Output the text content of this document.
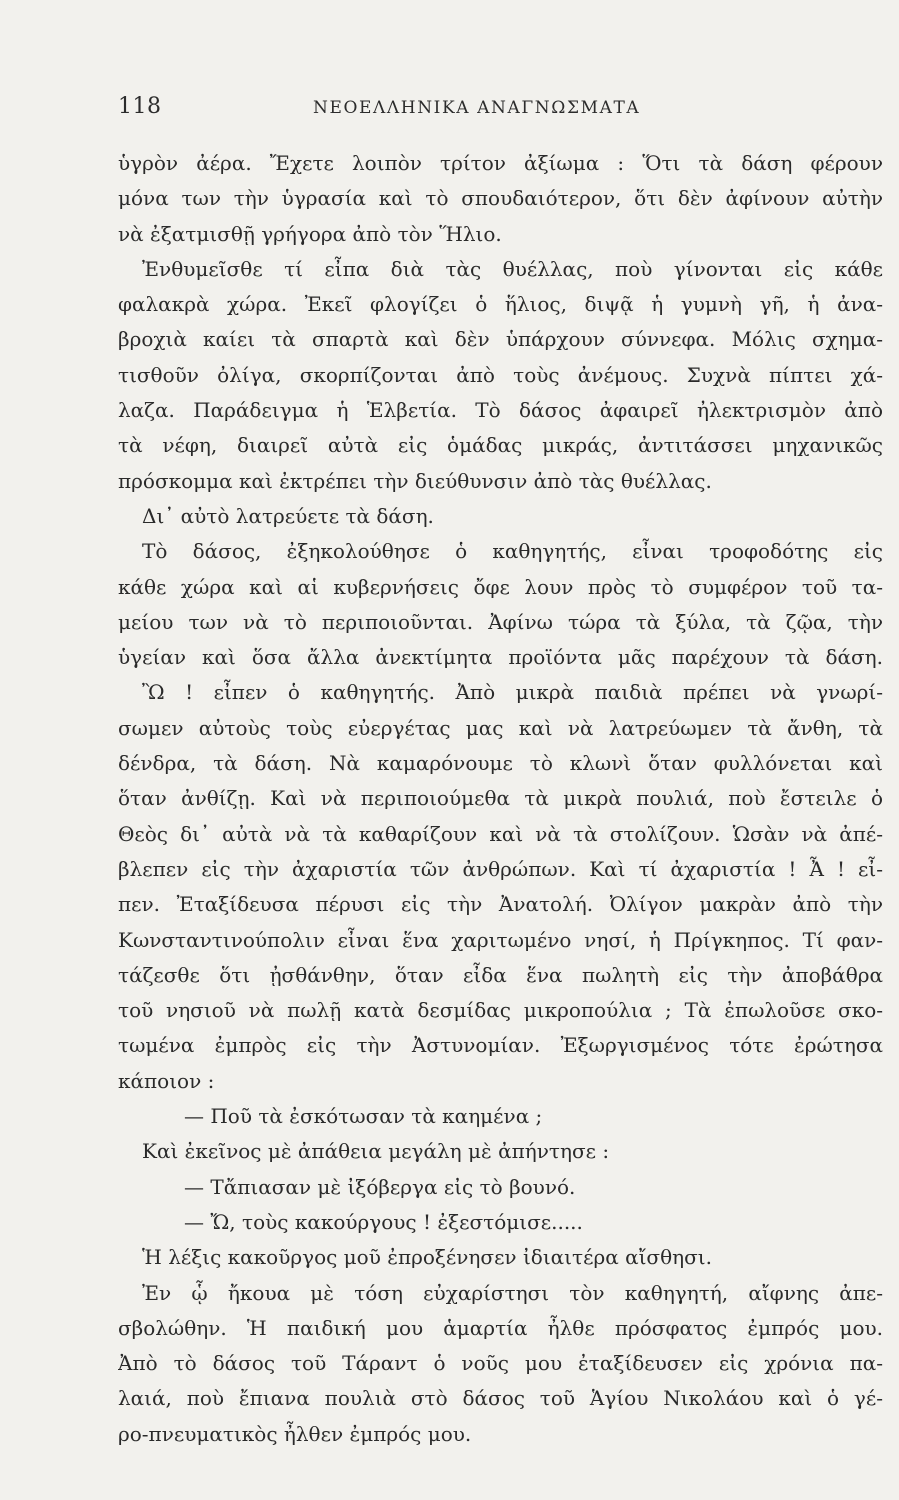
118	ΝΕΟΕΛΛΗΝΙΚΑ ΑΝΑΓΝΩΣΜΑΤΑ
ὑγρὸν ἀέρα. Ἔχετε λοιπὸν τρίτον ἀξίωμα : Ὅτι τὰ δάση φέρουν
μόνα των τὴν ὑγρασία καὶ τὸ σπουδαιότερον, ὅτι δὲν ἀφίνουν αὐτὴν
νὰ ἐξατμισθῇ γρήγορα ἀπὸ τὸν Ἥλιο.
Ἐνθυμεῖσθε τί εἶπα διὰ τὰς θυέλλας, ποὺ γίνονται εἰς κάθε
φαλακρὰ χώρα. Ἐκεῖ φλογίζει ὁ ἥλιος, διψᾷ ἡ γυμνὴ γῆ, ἡ ἀνα-
βροχιὰ καίει τὰ σπαρτὰ καὶ δὲν ὑπάρχουν σύννεφα. Μόλις σχημα-
τισθοῦν ὀλίγα, σκορπίζονται ἀπὸ τοὺς ἀνέμους. Συχνὰ πίπτει χά-
λαζα. Παράδειγμα ἡ Ἑλβετία. Τὸ δάσος ἀφαιρεῖ ἠλεκτρισμὸν ἀπὸ
τὰ νέφη, διαιρεῖ αὐτὰ εἰς ὁμάδας μικράς, ἀντιτάσσει μηχανικῶς
πρόσκομμα καὶ ἐκτρέπει τὴν διεύθυνσιν ἀπὸ τὰς θυέλλας.
Δι᾿ αὐτὸ λατρεύετε τὰ δάση.
Τὸ δάσος, ἐξηκολούθησε ὁ καθηγητής, εἶναι τροφοδότης εἰς
κάθε χώρα καὶ αἱ κυβερνήσεις ὄφε λουν πρὸς τὸ συμφέρον τοῦ τα-
μείου των νὰ τὸ περιποιοῦνται. Ἀφίνω τώρα τὰ ξύλα, τὰ ζῷα, τὴν
ὑγείαν καὶ ὅσα ἄλλα ἀνεκτίμητα προϊόντα μᾶς παρέχουν τὰ δάση.
Ὢ ! εἶπεν ὁ καθηγητής. Ἀπὸ μικρὰ παιδιὰ πρέπει νὰ γνωρί-
σωμεν αὐτοὺς τοὺς εὐεργέτας μας καὶ νὰ λατρεύωμεν τὰ ἄνθη, τὰ
δένδρα, τὰ δάση. Νὰ καμαρόνουμε τὸ κλωνὶ ὅταν φυλλόνεται καὶ
ὅταν ἀνθίζῃ. Καὶ νὰ περιποιούμεθα τὰ μικρὰ πουλιά, ποὺ ἔστειλε ὁ
Θεὸς δι᾿ αὐτὰ νὰ τὰ καθαρίζουν καὶ νὰ τὰ στολίζουν. Ὡσὰν νὰ ἀπέ-
βλεπεν εἰς τὴν ἀχαριστία τῶν ἀνθρώπων. Καὶ τί ἀχαριστία ! Ἆ ! εἶ-
πεν. Ἐταξίδευσα πέρυσι εἰς τὴν Ἀνατολή. Ὀλίγον μακρὰν ἀπὸ τὴν
Κωνσταντινούπολιν εἶναι ἕνα χαριτωμένο νησί, ἡ Πρίγκηπος. Τί φαν-
τάζεσθε ὅτι ᾐσθάνθην, ὅταν εἶδα ἕνα πωλητὴ εἰς τὴν ἀποβάθρα
τοῦ νησιοῦ νὰ πωλῇ κατὰ δεσμίδας μικροπούλια ; Τὰ ἐπωλοῦσε σκο-
τωμένα ἐμπρὸς εἰς τὴν Ἀστυνομίαν. Ἐξωργισμένος τότε ἐρώτησα
κάποιον :
— Ποῦ τὰ ἐσκότωσαν τὰ καημένα ;
Καὶ ἐκεῖνος μὲ ἀπάθεια μεγάλη μὲ ἀπήντησε :
— Τἄπιασαν μὲ ἰξόβεργα εἰς τὸ βουνό.
— Ὤ, τοὺς κακούργους ! ἐξεστόμισε.....
Ἡ λέξις κακοῦργος μοῦ ἐπροξένησεν ἰδιαιτέρα αἴσθησι.
Ἐν ᾧ ἤκουα μὲ τόση εὐχαρίστησι τὸν καθηγητή, αἴφνης ἀπε-
σβολώθην. Ἡ παιδική μου ἁμαρτία ἦλθε πρόσφατος ἐμπρός μου.
Ἀπὸ τὸ δάσος τοῦ Τάραντ ὁ νοῦς μου ἐταξίδευσεν εἰς χρόνια πα-
λαιά, ποὺ ἔπιανα πουλιὰ στὸ δάσος τοῦ Ἁγίου Νικολάου καὶ ὁ γέ-
ρο-πνευματικὸς ἦλθεν ἐμπρός μου.
